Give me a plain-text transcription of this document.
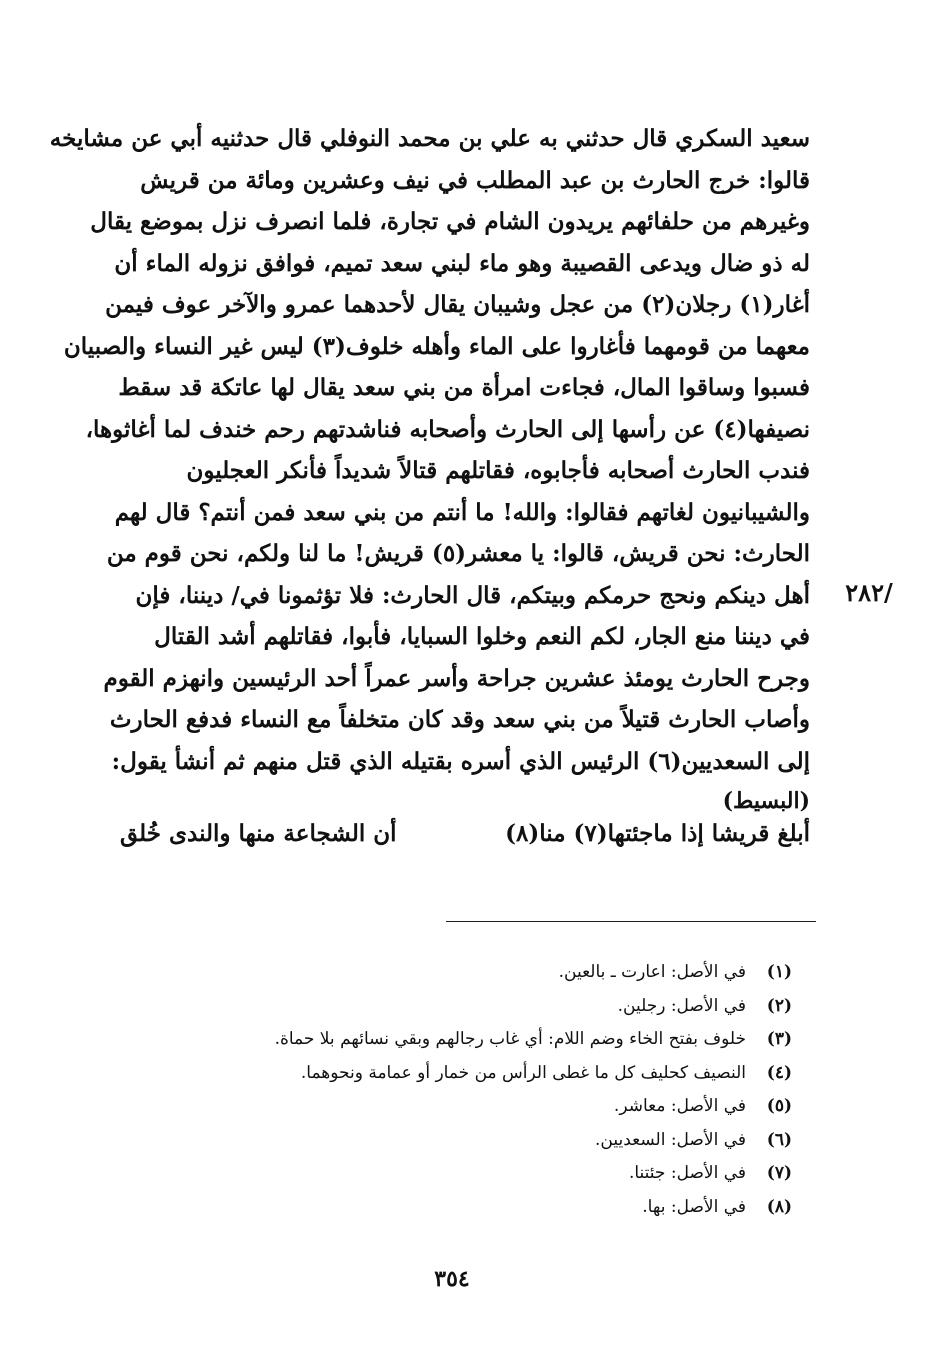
سعيد السكري قال حدثني به علي بن محمد النوفلي قال حدثنيه أبي عن مشايخه
قالوا: خرج الحارث بن عبد المطلب في نيف وعشرين ومائة من قريش
وغيرهم من حلفائهم يريدون الشام في تجارة، فلما انصرف نزل بموضع يقال
له ذو ضال ويدعى القصيبة وهو ماء لبني سعد تميم، فوافق نزوله الماء أن
أغار(١) رجلان(٢) من عجل وشيبان يقال لأحدهما عمرو والآخر عوف فيمن
معهما من قومهما فأغاروا على الماء وأهله خلوف(٣) ليس غير النساء والصبيان
فسبوا وساقوا المال، فجاءت امرأة من بني سعد يقال لها عاتكة قد سقط
نصيفها(٤) عن رأسها إلى الحارث وأصحابه فناشدتهم رحم خندف لما أغاثوها،
فندب الحارث أصحابه فأجابوه، فقاتلهم قتالاً شديداً فأنكر العجليون
والشيبانيون لغاتهم فقالوا: والله! ما أنتم من بني سعد فمن أنتم؟ قال لهم
الحارث: نحن قريش، قالوا: يا معشر(٥) قريش! ما لنا ولكم، نحن قوم من
أهل دينكم ونحج حرمكم وبيتكم، قال الحارث: فلا تؤثمونا في/ ديننا، فإن
في ديننا منع الجار، لكم النعم وخلوا السبايا، فأبوا، فقاتلهم أشد القتال
وجرح الحارث يومئذ عشرين جراحة وأسر عمراً أحد الرئيسين وانهزم القوم
وأصاب الحارث قتيلاً من بني سعد وقد كان متخلفاً مع النساء فدفع الحارث
إلى السعديين(٦) الرئيس الذي أسره بقتيله الذي قتل منهم ثم أنشأ يقول:
/٢٨٢
(البسيط)
أبلغ قريشا إذا ماجئتها(٧) منا(٨)
أن الشجاعة منها والندى خُلق
(١)
في الأصل: اعارت ـ بالعين.
(٢)
في الأصل: رجلين.
(٣)
خلوف بفتح الخاء وضم اللام: أي غاب رجالهم وبقي نسائهم بلا حماة.
(٤)
النصيف كحليف كل ما غطى الرأس من خمار أو عمامة ونحوهما.
(٥)
في الأصل: معاشر.
(٦)
في الأصل: السعديين.
(٧)
في الأصل: جئتنا.
(٨)
في الأصل: بها.
٣٥٤
